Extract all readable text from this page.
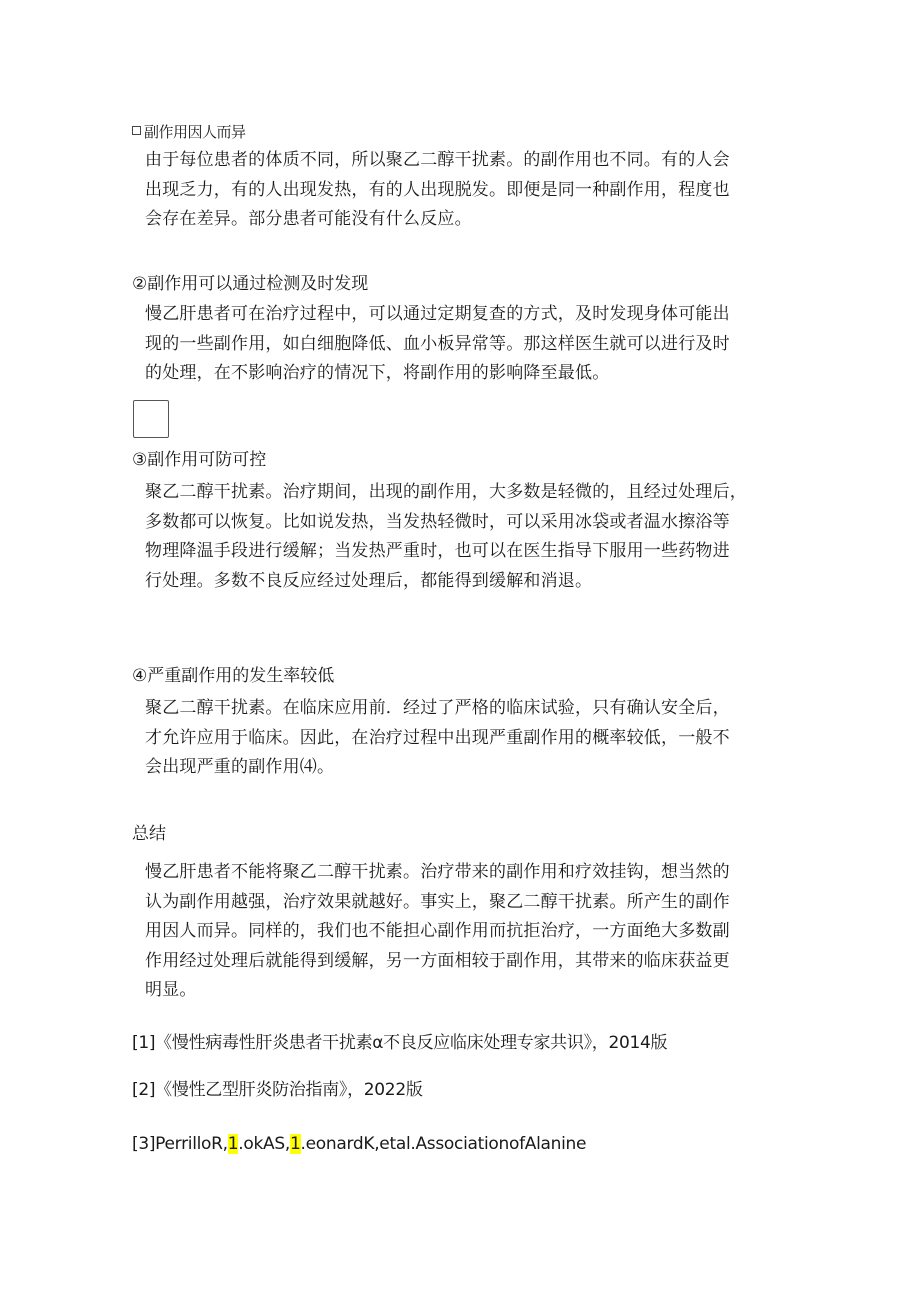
副作用因人而异
由于每位患者的体质不同，所以聚乙二醇干扰素。的副作用也不同。有的人会
出现乏力，有的人出现发热，有的人出现脱发。即便是同一种副作用，程度也
会存在差异。部分患者可能没有什么反应。
②副作用可以通过检测及时发现
慢乙肝患者可在治疗过程中，可以通过定期复查的方式，及时发现身体可能出
现的一些副作用，如白细胞降低、血小板异常等。那这样医生就可以进行及时
的处理，在不影响治疗的情况下，将副作用的影响降至最低。
③副作用可防可控
聚乙二醇干扰素。治疗期间，出现的副作用，大多数是轻微的，且经过处理后，
多数都可以恢复。比如说发热，当发热轻微时，可以采用冰袋或者温水擦浴等
物理降温手段进行缓解；当发热严重时，也可以在医生指导下服用一些药物进
行处理。多数不良反应经过处理后，都能得到缓解和消退。
④严重副作用的发生率较低
聚乙二醇干扰素。在临床应用前．经过了严格的临床试验，只有确认安全后，
才允许应用于临床。因此，在治疗过程中出现严重副作用的概率较低，一般不
会出现严重的副作用⑷。
总结
慢乙肝患者不能将聚乙二醇干扰素。治疗带来的副作用和疗效挂钩，想当然的
认为副作用越强，治疗效果就越好。事实上，聚乙二醇干扰素。所产生的副作
用因人而异。同样的，我们也不能担心副作用而抗拒治疗，一方面绝大多数副
作用经过处理后就能得到缓解，另一方面相较于副作用，其带来的临床获益更
明显。
[1]《慢性病毒性肝炎患者干扰素α不良反应临床处理专家共识》，2014版
[2]《慢性乙型肝炎防治指南》，2022版
[3]PerrilloR,1.okAS,1.eonardK,etal.AssociationofAlanine
